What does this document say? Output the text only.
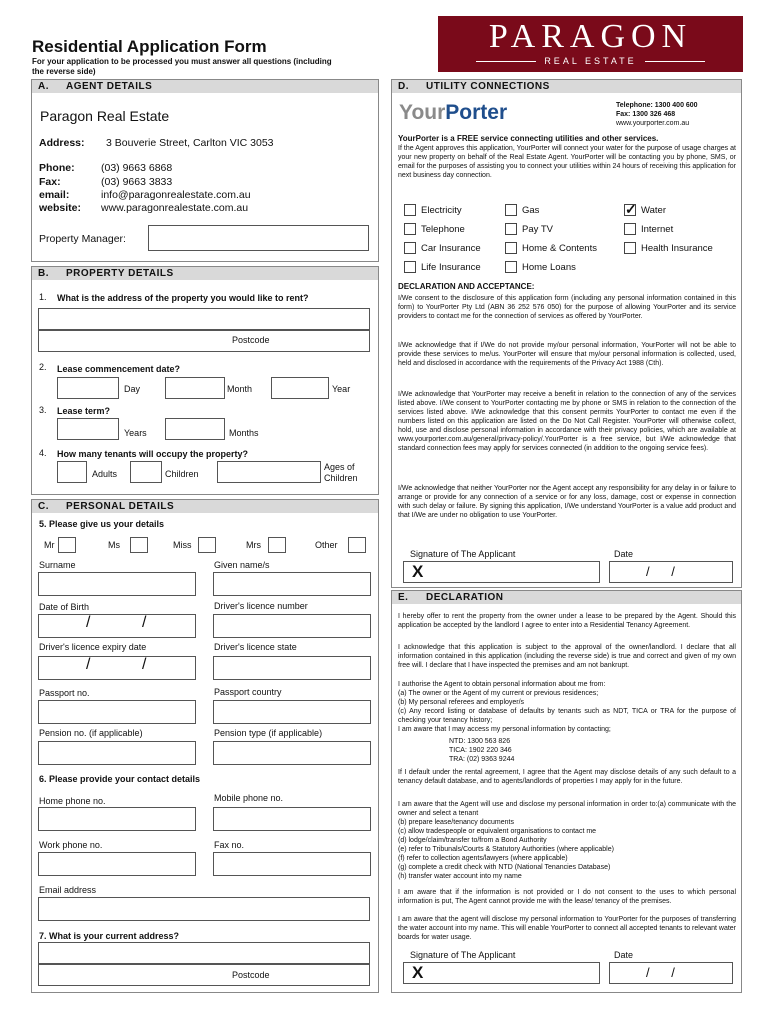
Residential Application Form
For your application to be processed you must answer all questions (including the reverse side)
PARAGON
REAL ESTATE
A. AGENT DETAILS
Paragon Real Estate
Address: 3 Bouverie Street, Carlton VIC 3053
Phone:	(03) 9663 6868
Fax:	(03) 9663 3833
email:	info@paragonrealestate.com.au
website: www.paragonrealestate.com.au
Property Manager:
B. PROPERTY DETAILS
1. What is the address of the property you would like to rent?
Postcode
2. Lease commencement date?
Day	Month	Year
3. Lease term?
Years	Months
4. How many tenants will occupy the property?
Adults	Children
Ages of Children
C. PERSONAL DETAILS
5. Please give us your details
Mr	Ms	Miss	Mrs	Other
Surname	Given name/s
Date of Birth
/	/
Driver's licence number
Driver's licence expiry date
/	/
Driver's licence state
Passport no.	Passport country
Pension no. (if applicable)	Pension type (if applicable)
6. Please provide your contact details
Home phone no.	Mobile phone no.
Work phone no.	Fax no.
Email address
7. What is your current address?
Postcode
D. UTILITY CONNECTIONS
YourPorter	Telephone: 1300 400 600
Fax: 1300 326 468
www.yourporter.com.au
YourPorter is a FREE service connecting utilities and other services.
If the Agent approves this application, YourPorter will connect your water for the purpose of usage charges at your new property on behalf of the Real Estate Agent. YourPorter will be contacting you by phone, SMS, or email for the purposes of assisting you to connect your utilities within 24 hours of receiving this application for next business day connection.
Electricity	Gas
✓	Water
Telephone	Pay TV	Internet
Car Insurance	Home & Contents	Health Insurance
Life Insurance	Home Loans
DECLARATION AND ACCEPTANCE:
I/We consent to the disclosure of this application form (including any personal information contained in this form) to YourPorter Pty Ltd (ABN 36 252 576 050) for the purpose of allowing YourPorter and its service providers to contact me for the connection of services as offered by YourPorter.
I/We acknowledge that if I/We do not provide my/our personal information, YourPorter will not be able to provide these services to me/us. YourPorter will ensure that my/our personal information is collected, used, held and disclosed in accordance with the requirements of the Privacy Act 1988 (Cth).
I/We acknowledge that YourPorter may receive a benefit in relation to the connection of any of the services listed above. I/We consent to YourPorter contacting me by phone or SMS in relation to the connection of the services listed above. I/We acknowledge that this consent permits YourPorter to contact me even if the numbers listed on this application are listed on the Do Not Call Register. YourPorter will otherwise collect, hold, use and disclose personal information in accordance with their privacy policies, which are available at www.yourporter.com.au/general/privacy-policy/.YourPorter is a free service, but I/We acknowledge that standard connection fees may apply for services connected (in addition to the ongoing service fees).
I/We acknowledge that neither YourPorter nor the Agent accept any responsibility for any delay in or failure to arrange or provide for any connection of a service or for any loss, damage, cost or expense in connection with such delay or failure. By signing this application, I/We understand YourPorter is a value add product and that I/We are under no obligation to use YourPorter.
Signature of The Applicant	Date
X	/      /
E. DECLARATION
I hereby offer to rent the property from the owner under a lease to be prepared by the Agent. Should this application be accepted by the landlord I agree to enter into a Residential Tenancy Agreement.
I acknowledge that this application is subject to the approval of the owner/landlord. I declare that all information contained in this application (including the reverse side) is true and correct and given of my own free will. I declare that I have inspected the premises and am not bankrupt.
I authorise the Agent to obtain personal information about me from:
(a) The owner or the Agent of my current or previous residences;
(b) My personal referees and employer/s
(c) Any record listing or database of defaults by tenants such as NDT, TICA or TRA for the purpose of checking your tenancy history;
I am aware that I may access my personal information by contacting;
NTD: 1300 563 826
TICA: 1902 220 346
TRA: (02) 9363 9244
If I default under the rental agreement, I agree that the Agent may disclose details of any such default to a tenancy default database, and to agents/landlords of properties I may apply for in the future.
I am aware that the Agent will use and disclose my personal information in order to:(a) communicate with the owner and select a tenant
(b) prepare lease/tenancy documents
(c) allow tradespeople or equivalent organisations to contact me
(d) lodge/claim/transfer to/from a Bond Authority
(e) refer to Tribunals/Courts & Statutory Authorities (where applicable)
(f) refer to collection agents/lawyers (where applicable)
(g) complete a credit check with NTD (National Tenancies Database)
(h) transfer water account into my name
I am aware that if the information is not provided or I do not consent to the uses to which personal information is put, The Agent cannot provide me with the lease/ tenancy of the premises.
I am aware that the agent will disclose my personal information to YourPorter for the purposes of transferring the water account into my name. This will enable YourPorter to connect all accepted tenants to relevant water boards for water usage.
Signature of The Applicant	Date
X	/      /
